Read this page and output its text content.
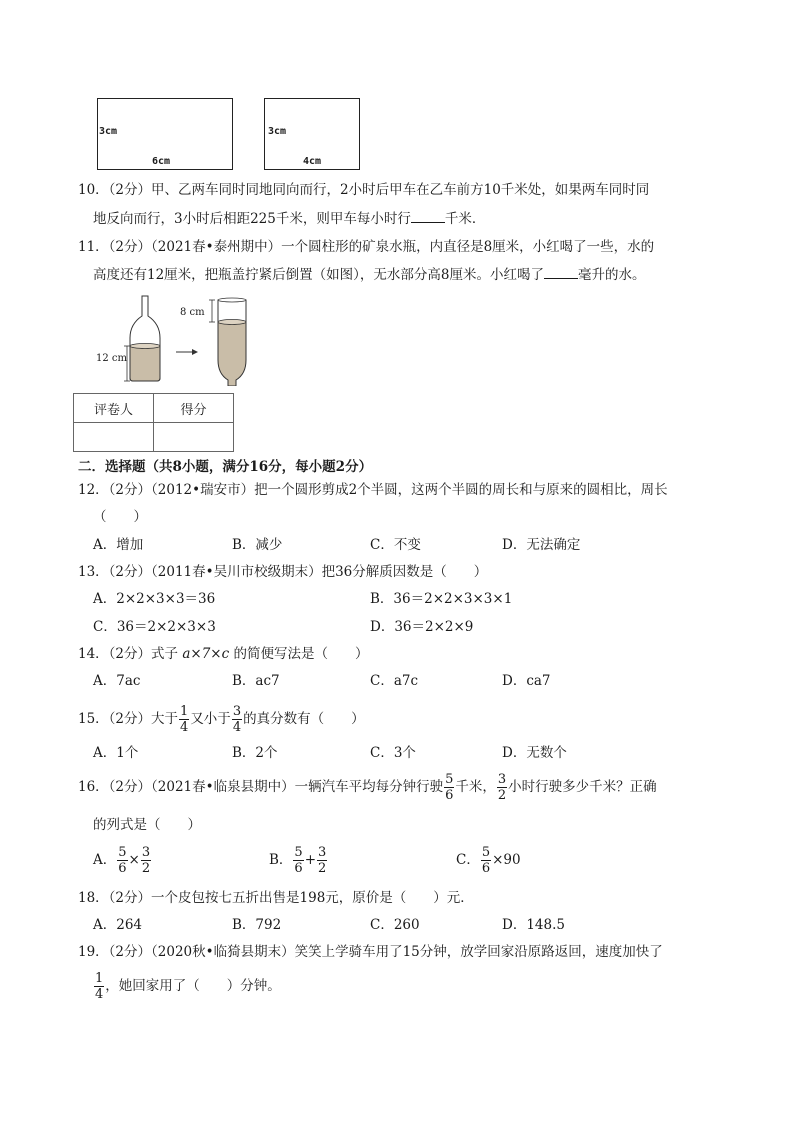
3cm
6cm
3cm
4cm
10．（2分）甲、乙两车同时同地同向而行，2小时后甲车在乙车前方10千米处，如果两车同时同
地反向而行，3小时后相距225千米，则甲车每小时行	千米．
11．（2分）（2021春•泰州期中）一个圆柱形的矿泉水瓶，内直径是8厘米，小红喝了一些，水的
高度还有12厘米，把瓶盖拧紧后倒置（如图），无水部分高8厘米。小红喝了	毫升的水。
12 cm
8 cm
评卷人	得分

二．选择题（共8小题，满分16分，每小题2分）
12．（2分）（2012•瑞安市）把一个圆形剪成2个半圆，这两个半圆的周长和与原来的圆相比，周长
（　　）
A．增加	B．减少	C．不变	D．无法确定
13．（2分）（2011春•吴川市校级期末）把36分解质因数是（　　）
A．2×2×3×3＝36	B．36＝2×2×3×3×1
C．36＝2×2×3×3	D．36＝2×2×9
14．（2分）式子 a×7×c 的简便写法是（　　）
A．7ac	B．ac7	C．a7c	D．ca7
15．（2分）大于 $\frac{1}{4}$ 又小于 $\frac{3}{4}$ 的真分数有（　　）
A．1个	B．2个	C．3个	D．无数个
16．（2分）（2021春•临泉县期中）一辆汽车平均每分钟行驶 $\frac{5}{6}$ 千米， $\frac{3}{2}$ 小时行驶多少千米？正确
的列式是（　　）
A． $\frac{5}{6} \times \frac{3}{2}$	B． $\frac{5}{6} + \frac{3}{2}$	C． $\frac{5}{6} \times 90$
18．（2分）一个皮包按七五折出售是198元，原价是（　　）元．
A．264	B．792	C．260	D．148.5
19．（2分）（2020秋•临猗县期末）笑笑上学骑车用了15分钟，放学回家沿原路返回，速度加快了
$\frac{1}{4}$ ，她回家用了（　　）分钟。
